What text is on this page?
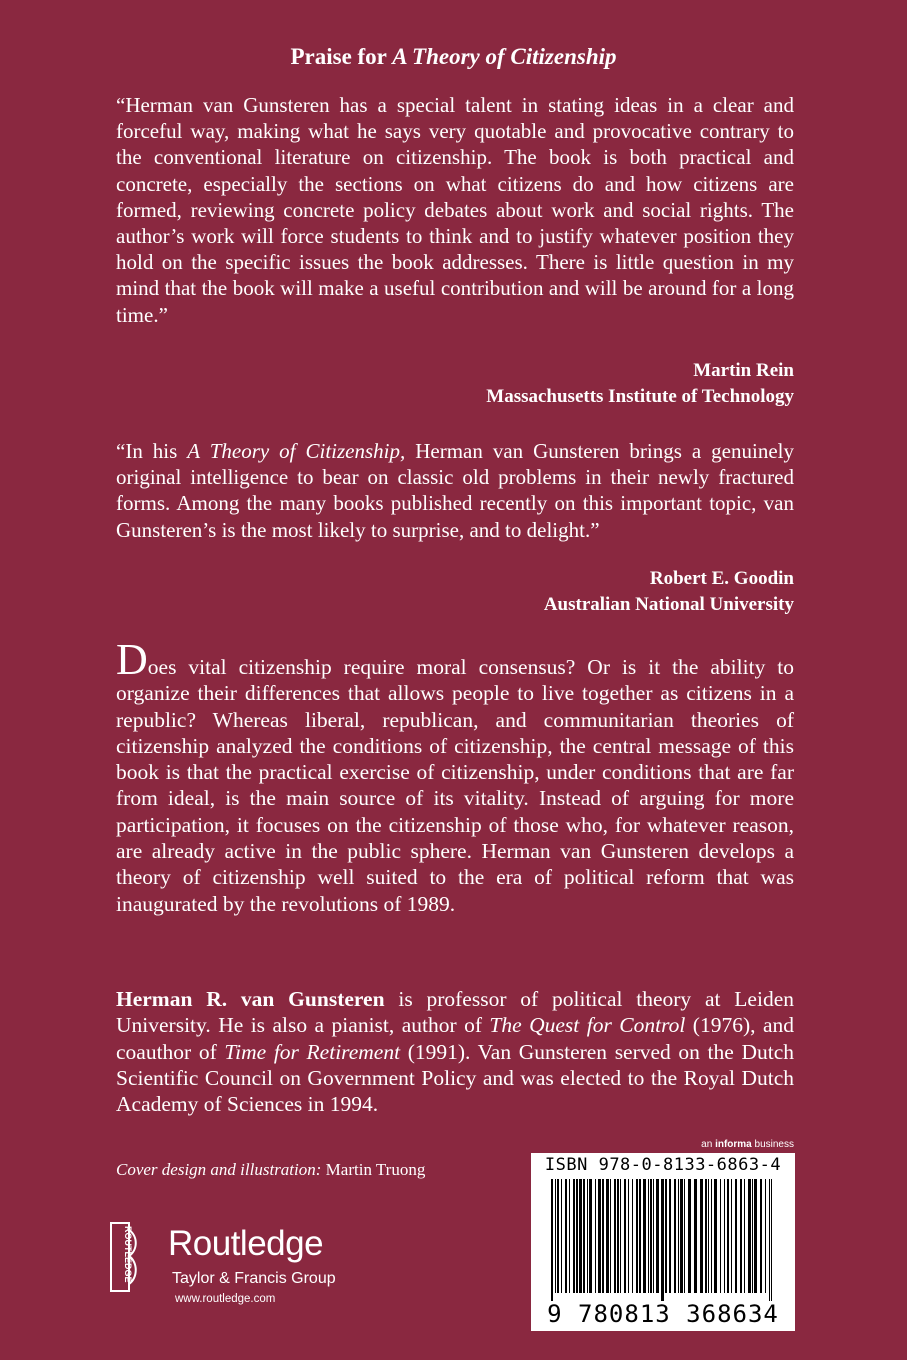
Praise for A Theory of Citizenship
“Herman van Gunsteren has a special talent in stating ideas in a clear and forceful way, making what he says very quotable and provocative contrary to the conventional literature on citizenship. The book is both practical and concrete, especially the sections on what citizens do and how citizens are formed, reviewing concrete policy debates about work and social rights. The author’s work will force students to think and to justify whatever position they hold on the specific issues the book addresses. There is little question in my mind that the book will make a useful contribution and will be around for a long time.”
Martin Rein
Massachusetts Institute of Technology
“In his A Theory of Citizenship, Herman van Gunsteren brings a genuinely original intelligence to bear on classic old problems in their newly fractured forms. Among the many books published recently on this important topic, van Gunsteren’s is the most likely to surprise, and to delight.”
Robert E. Goodin
Australian National University
Does vital citizenship require moral consensus? Or is it the ability to organize their differences that allows people to live together as citizens in a republic? Whereas liberal, republican, and communitarian theories of citizenship analyzed the conditions of citizenship, the central message of this book is that the practical exercise of citizenship, under conditions that are far from ideal, is the main source of its vitality. Instead of arguing for more participation, it focuses on the citizenship of those who, for whatever reason, are already active in the public sphere. Herman van Gunsteren develops a theory of citizenship well suited to the era of political reform that was inaugurated by the revolutions of 1989.
Herman R. van Gunsteren is professor of political theory at Leiden University. He is also a pianist, author of The Quest for Control (1976), and coauthor of Time for Retirement (1991). Van Gunsteren served on the Dutch Scientific Council on Government Policy and was elected to the Royal Dutch Academy of Sciences in 1994.
Cover design and illustration: Martin Truong
ROUTLEDGE Routledge
Taylor & Francis Group
www.routledge.com
an informa business
ISBN 978-0-8133-6863-4
9 780813 368634
